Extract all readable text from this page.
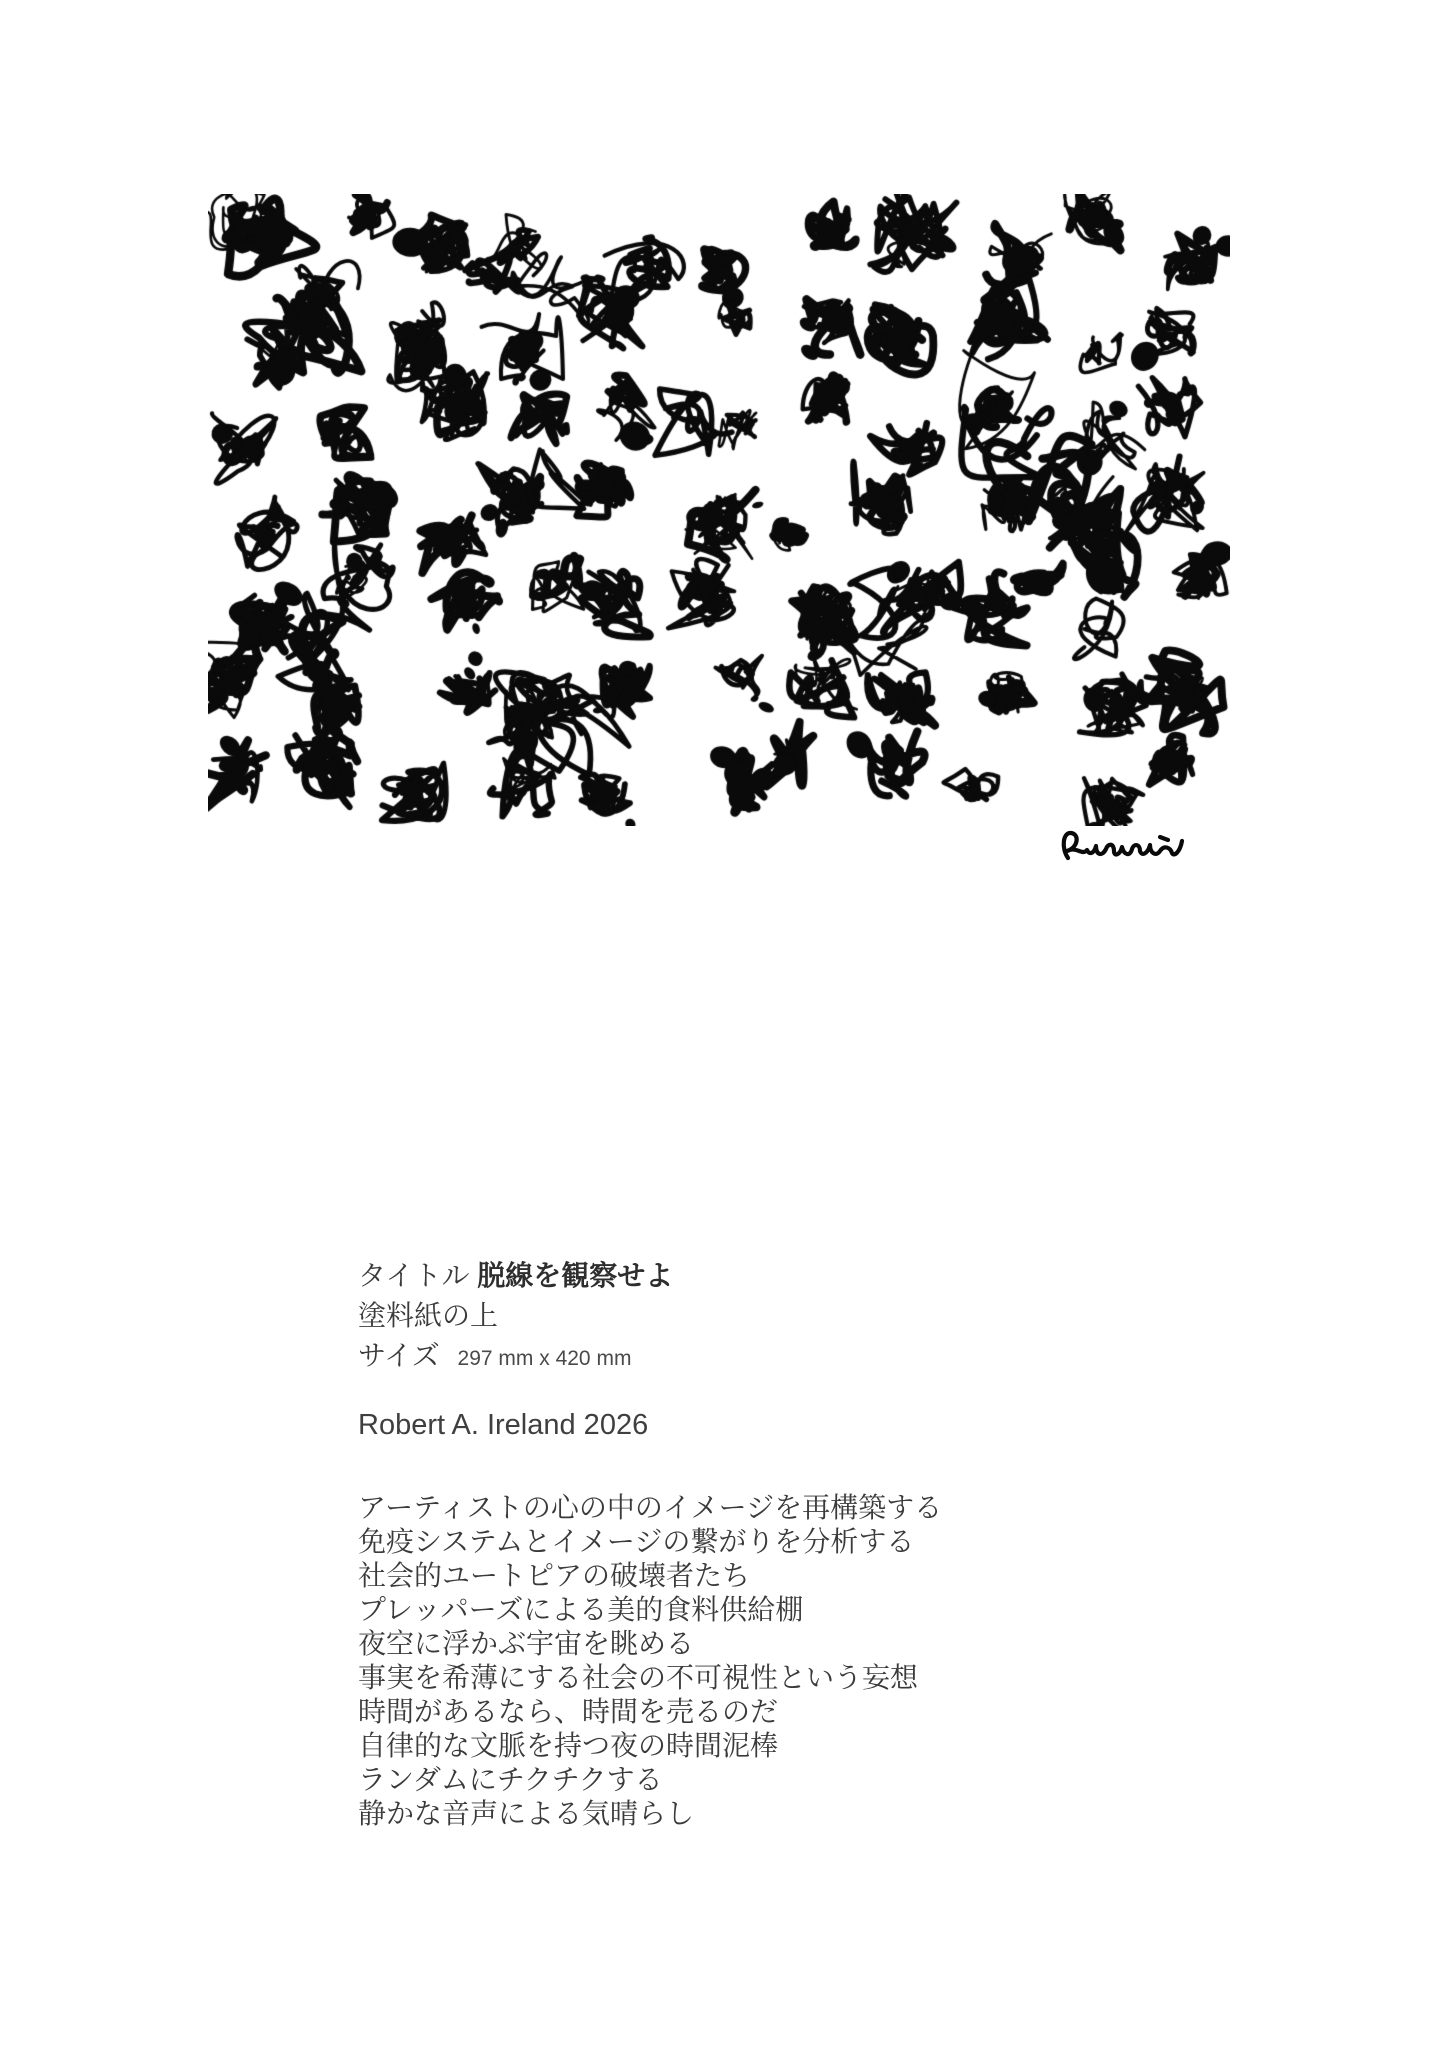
タイトル 脱線を観察せよ
塗料紙の上
サイズ 297 mm x 420 mm
Robert A. Ireland 2026
アーティストの心の中のイメージを再構築する
免疫システムとイメージの繋がりを分析する
社会的ユートピアの破壊者たち
プレッパーズによる美的食料供給棚
夜空に浮かぶ宇宙を眺める
事実を希薄にする社会の不可視性という妄想
時間があるなら、時間を売るのだ
自律的な文脈を持つ夜の時間泥棒
ランダムにチクチクする
静かな音声による気晴らし
